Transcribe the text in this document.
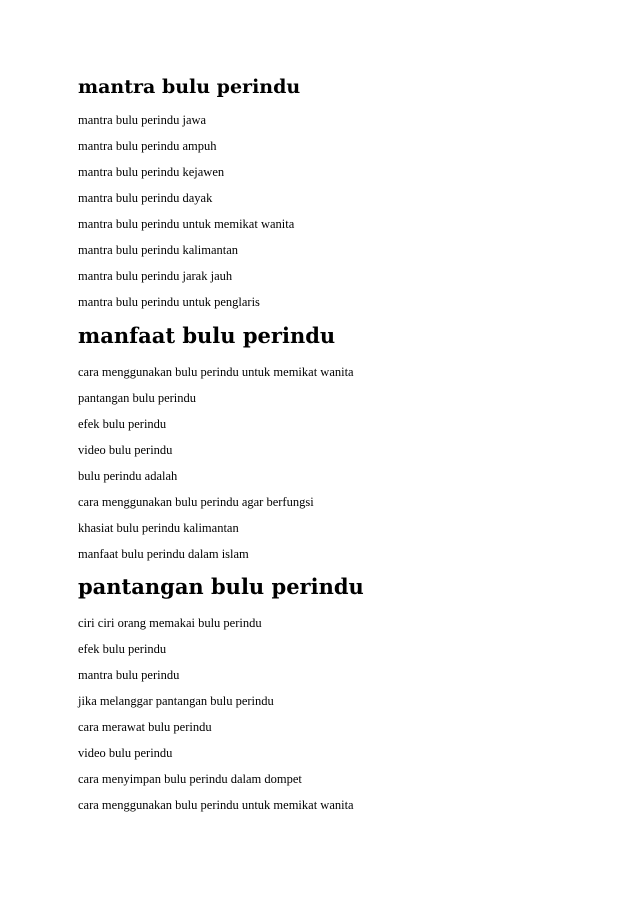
mantra bulu perindu
mantra bulu perindu jawa
mantra bulu perindu ampuh
mantra bulu perindu kejawen
mantra bulu perindu dayak
mantra bulu perindu untuk memikat wanita
mantra bulu perindu kalimantan
mantra bulu perindu jarak jauh
mantra bulu perindu untuk penglaris
manfaat bulu perindu
cara menggunakan bulu perindu untuk memikat wanita
pantangan bulu perindu
efek bulu perindu
video bulu perindu
bulu perindu adalah
cara menggunakan bulu perindu agar berfungsi
khasiat bulu perindu kalimantan
manfaat bulu perindu dalam islam
pantangan bulu perindu
ciri ciri orang memakai bulu perindu
efek bulu perindu
mantra bulu perindu
jika melanggar pantangan bulu perindu
cara merawat bulu perindu
video bulu perindu
cara menyimpan bulu perindu dalam dompet
cara menggunakan bulu perindu untuk memikat wanita
